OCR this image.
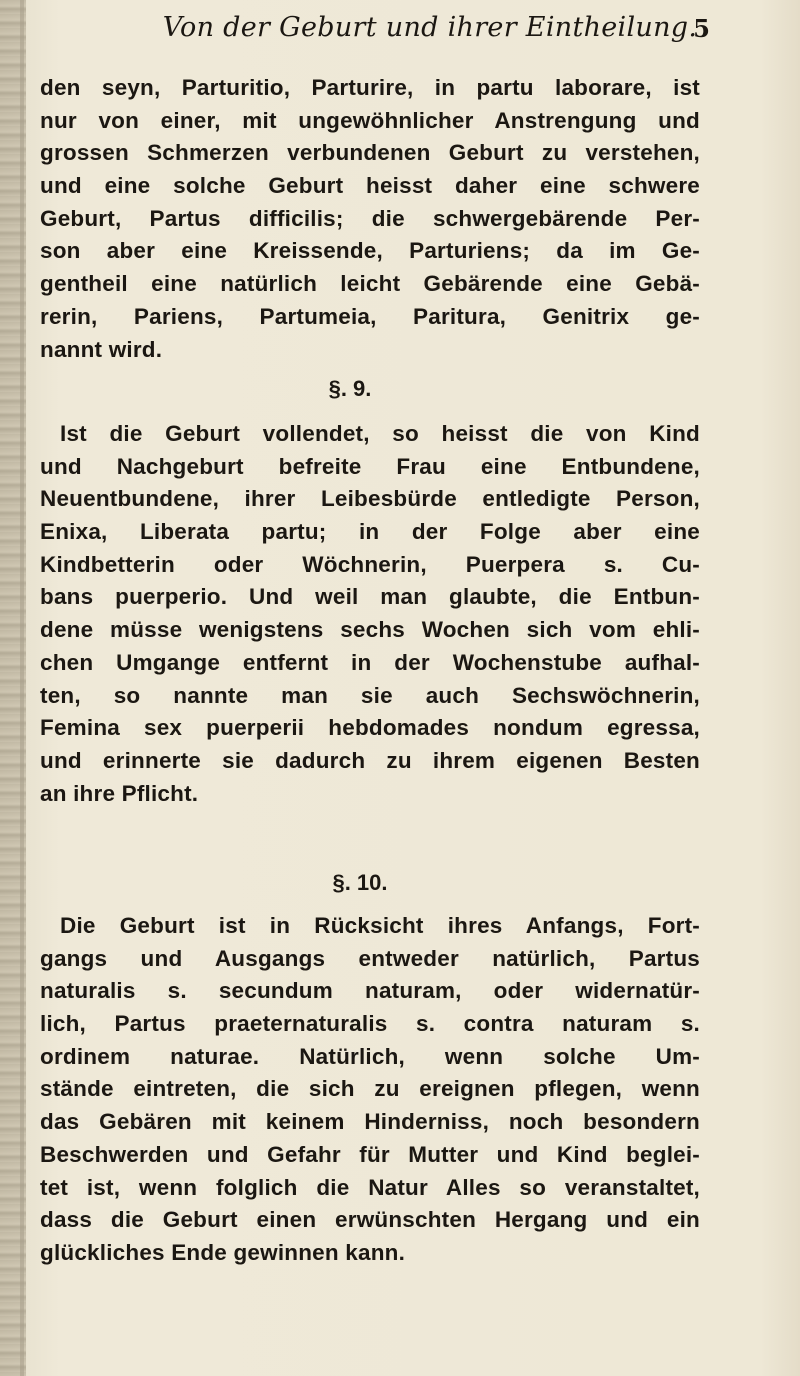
Von der Geburt und ihrer Eintheilung.
5
den seyn, Parturitio, Parturire, in partu laborare, ist
nur von einer, mit ungewöhnlicher Anstrengung und
grossen Schmerzen verbundenen Geburt zu verstehen,
und eine solche Geburt heisst daher eine schwere
Geburt, Partus difficilis; die schwergebärende Per-
son aber eine Kreissende, Parturiens; da im Ge-
gentheil eine natürlich leicht Gebärende eine Gebä-
rerin, Pariens, Partumeia, Paritura, Genitrix ge-
nannt wird.
§. 9.
Ist die Geburt vollendet, so heisst die von Kind
und Nachgeburt befreite Frau eine Entbundene,
Neuentbundene, ihrer Leibesbürde entledigte Person,
Enixa, Liberata partu; in der Folge aber eine
Kindbetterin oder Wöchnerin, Puerpera s. Cu-
bans puerperio. Und weil man glaubte, die Entbun-
dene müsse wenigstens sechs Wochen sich vom ehli-
chen Umgange entfernt in der Wochenstube aufhal-
ten, so nannte man sie auch Sechswöchnerin,
Femina sex puerperii hebdomades nondum egressa,
und erinnerte sie dadurch zu ihrem eigenen Besten
an ihre Pflicht.
§. 10.
Die Geburt ist in Rücksicht ihres Anfangs, Fort-
gangs und Ausgangs entweder natürlich, Partus
naturalis s. secundum naturam, oder widernatür-
lich, Partus praeternaturalis s. contra naturam s.
ordinem naturae. Natürlich, wenn solche Um-
stände eintreten, die sich zu ereignen pflegen, wenn
das Gebären mit keinem Hinderniss, noch besondern
Beschwerden und Gefahr für Mutter und Kind beglei-
tet ist, wenn folglich die Natur Alles so veranstaltet,
dass die Geburt einen erwünschten Hergang und ein
glückliches Ende gewinnen kann.
